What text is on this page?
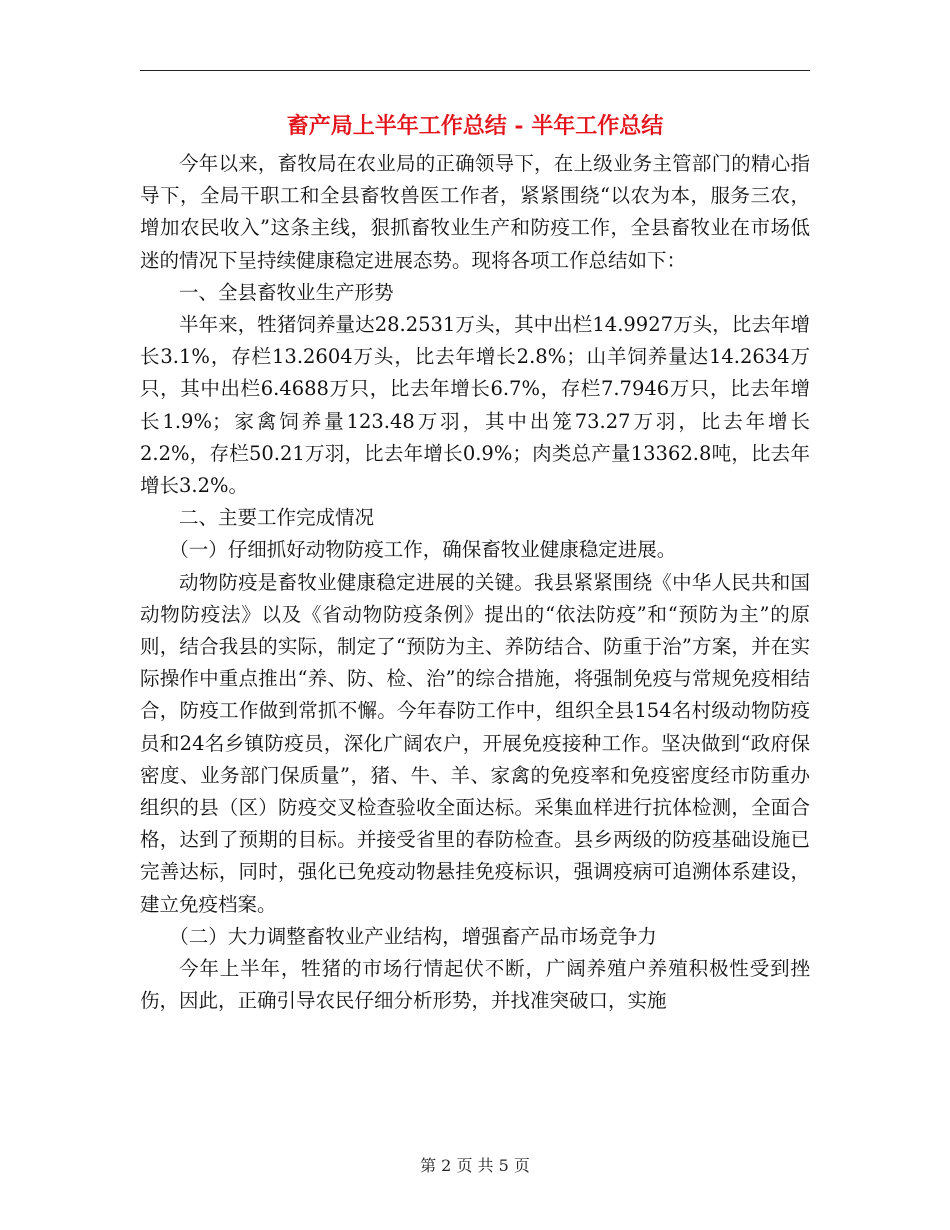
畜产局上半年工作总结 - 半年工作总结

今年以来，畜牧局在农业局的正确领导下，在上级业务主管部门的精心指导下，全局干职工和全县畜牧兽医工作者，紧紧围绕“以农为本，服务三农，增加农民收入”这条主线，狠抓畜牧业生产和防疫工作，全县畜牧业在市场低迷的情况下呈持续健康稳定进展态势。现将各项工作总结如下：

一、全县畜牧业生产形势

半年来，牲猪饲养量达28.2531万头，其中出栏14.9927万头，比去年增长3.1%，存栏13.2604万头，比去年增长2.8%；山羊饲养量达14.2634万只，其中出栏6.4688万只，比去年增长6.7%，存栏7.7946万只，比去年增长1.9%；家禽饲养量123.48万羽，其中出笼73.27万羽，比去年增长2.2%，存栏50.21万羽，比去年增长0.9%；肉类总产量13362.8吨，比去年增长3.2%。

二、主要工作完成情况

（一）仔细抓好动物防疫工作，确保畜牧业健康稳定进展。

动物防疫是畜牧业健康稳定进展的关键。我县紧紧围绕《中华人民共和国动物防疫法》以及《省动物防疫条例》提出的“依法防疫”和“预防为主”的原则，结合我县的实际，制定了“预防为主、养防结合、防重于治”方案，并在实际操作中重点推出“养、防、检、治”的综合措施，将强制免疫与常规免疫相结合，防疫工作做到常抓不懈。今年春防工作中，组织全县154名村级动物防疫员和24名乡镇防疫员，深化广阔农户，开展免疫接种工作。坚决做到“政府保密度、业务部门保质量”，猪、牛、羊、家禽的免疫率和免疫密度经市防重办组织的县（区）防疫交叉检查验收全面达标。采集血样进行抗体检测，全面合格，达到了预期的目标。并接受省里的春防检查。县乡两级的防疫基础设施已完善达标，同时，强化已免疫动物悬挂免疫标识，强调疫病可追溯体系建设，建立免疫档案。

（二）大力调整畜牧业产业结构，增强畜产品市场竞争力

今年上半年，牲猪的市场行情起伏不断，广阔养殖户养殖积极性受到挫伤，因此，正确引导农民仔细分析形势，并找准突破口，实施

第 2 页 共 5 页
